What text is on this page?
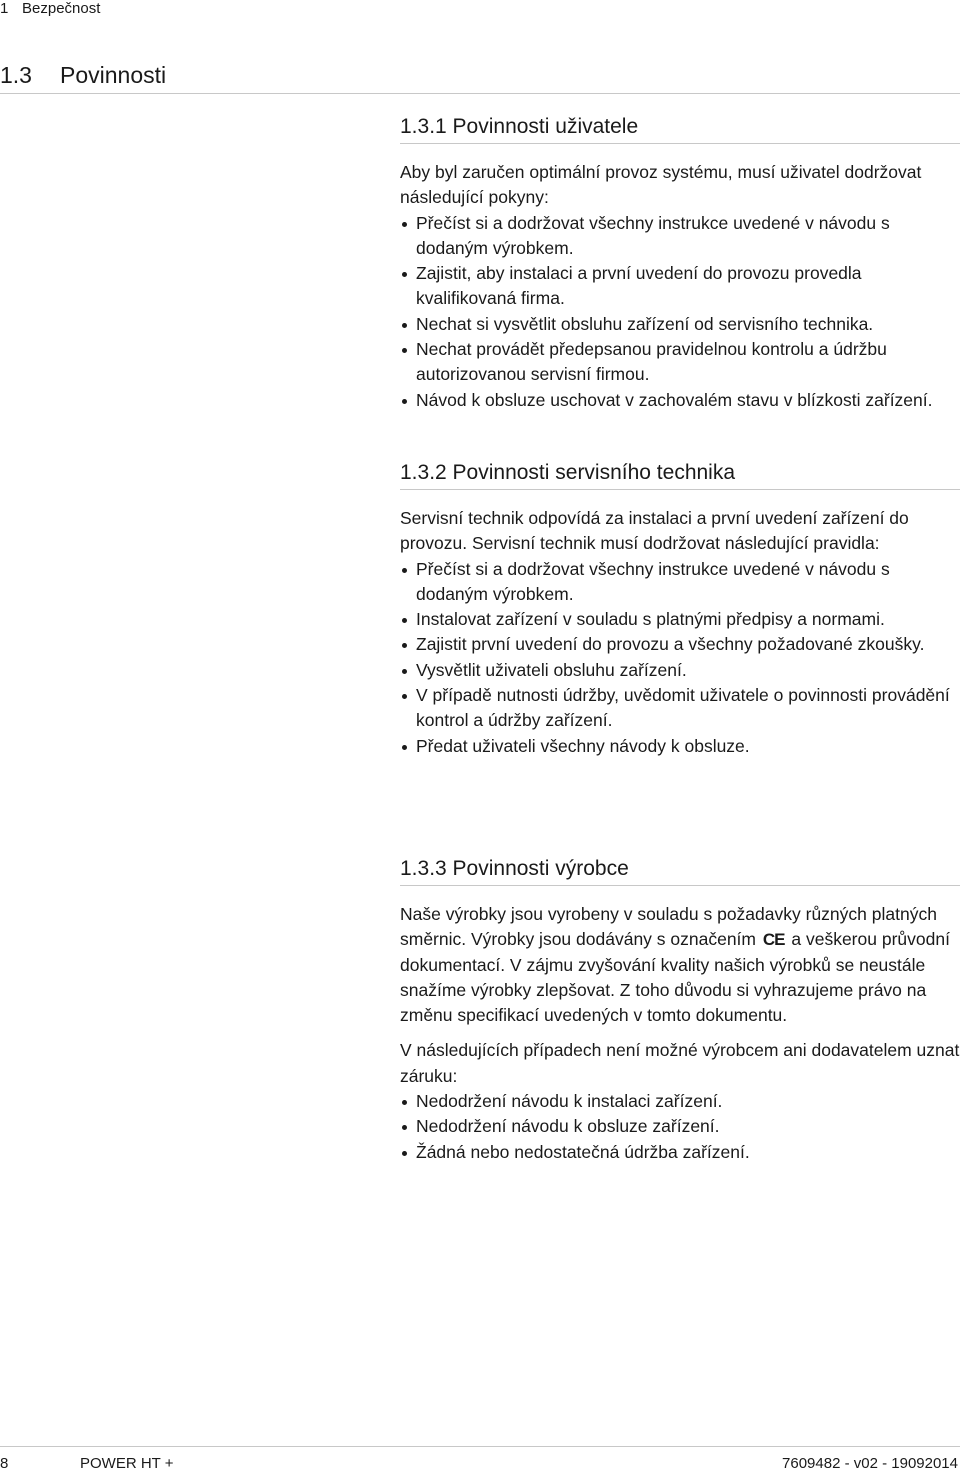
1 Bezpečnost
1.3 Povinnosti
1.3.1 Povinnosti uživatele

Aby byl zaručen optimální provoz systému, musí uživatel dodržovat následující pokyny:

Přečíst si a dodržovat všechny instrukce uvedené v návodu s dodaným výrobkem.
Zajistit, aby instalaci a první uvedení do provozu provedla kvalifikovaná firma.
Nechat si vysvětlit obsluhu zařízení od servisního technika.
Nechat provádět předepsanou pravidelnou kontrolu a údržbu autorizovanou servisní firmou.
Návod k obsluze uschovat v zachovalém stavu v blízkosti zařízení.
1.3.2 Povinnosti servisního technika

Servisní technik odpovídá za instalaci a první uvedení zařízení do provozu. Servisní technik musí dodržovat následující pravidla:

Přečíst si a dodržovat všechny instrukce uvedené v návodu s dodaným výrobkem.
Instalovat zařízení v souladu s platnými předpisy a normami.
Zajistit první uvedení do provozu a všechny požadované zkoušky.
Vysvětlit uživateli obsluhu zařízení.
V případě nutnosti údržby, uvědomit uživatele o povinnosti provádění kontrol a údržby zařízení.
Předat uživateli všechny návody k obsluze.
1.3.3 Povinnosti výrobce

Naše výrobky jsou vyrobeny v souladu s požadavky různých platných směrnic. Výrobky jsou dodávány s označením CE a veškerou průvodní dokumentací. V zájmu zvyšování kvality našich výrobků se neustále snažíme výrobky zlepšovat. Z toho důvodu si vyhrazujeme právo na změnu specifikací uvedených v tomto dokumentu.

V následujících případech není možné výrobcem ani dodavatelem uznat záruku:

Nedodržení návodu k instalaci zařízení.
Nedodržení návodu k obsluze zařízení.
Žádná nebo nedostatečná údržba zařízení.
8	POWER HT +	7609482 - v02 - 19092014
